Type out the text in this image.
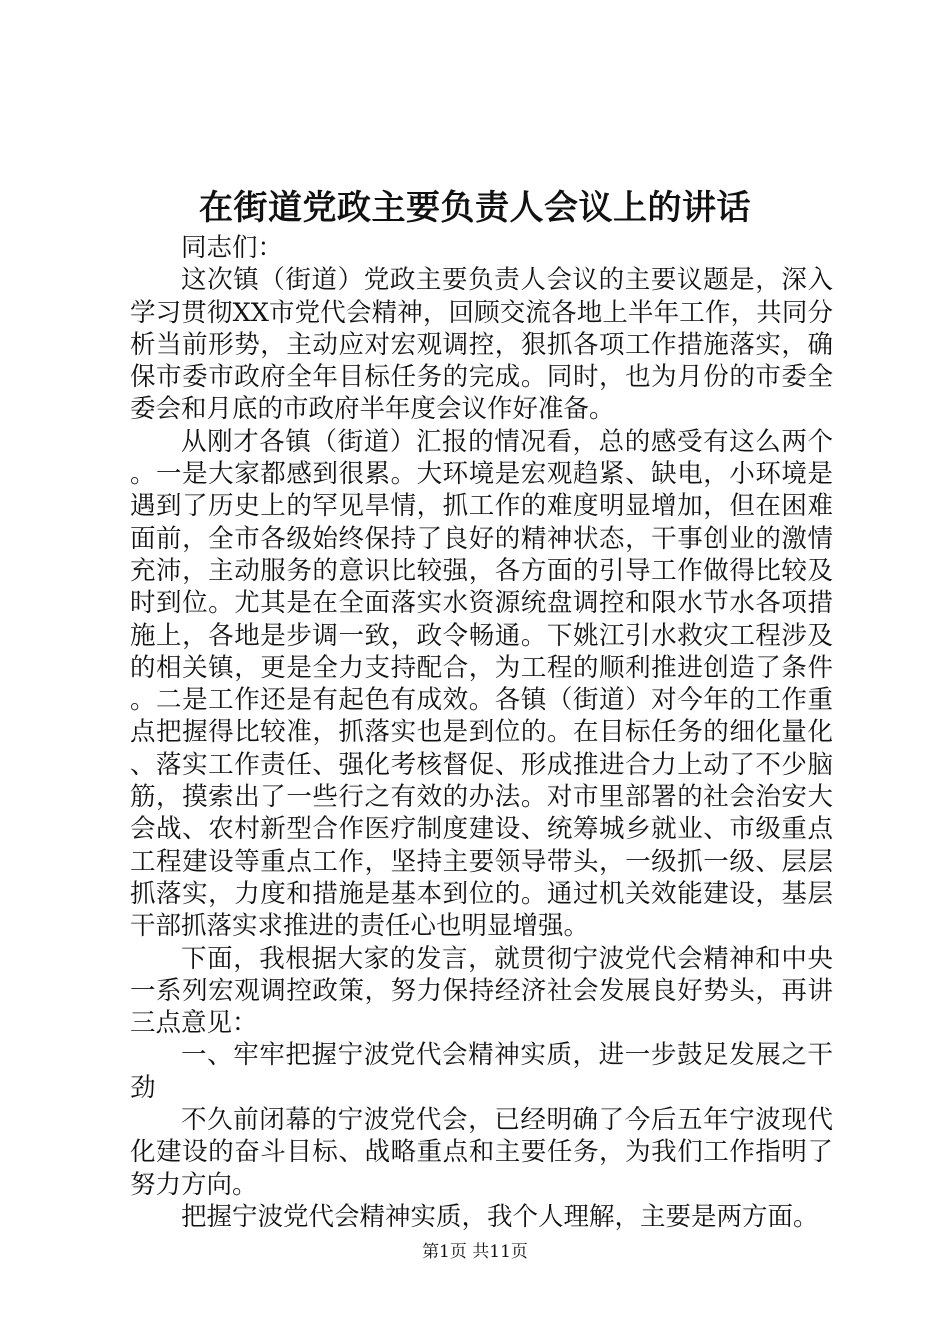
在街道党政主要负责人会议上的讲话

同志们：

这次镇（街道）党政主要负责人会议的主要议题是，深入学习贯彻XX市党代会精神，回顾交流各地上半年工作，共同分析当前形势，主动应对宏观调控，狠抓各项工作措施落实，确保市委市政府全年目标任务的完成。同时，也为月份的市委全委会和月底的市政府半年度会议作好准备。

从刚才各镇（街道）汇报的情况看，总的感受有这么两个。一是大家都感到很累。大环境是宏观趋紧、缺电，小环境是遇到了历史上的罕见旱情，抓工作的难度明显增加，但在困难面前，全市各级始终保持了良好的精神状态，干事创业的激情充沛，主动服务的意识比较强，各方面的引导工作做得比较及时到位。尤其是在全面落实水资源统盘调控和限水节水各项措施上，各地是步调一致，政令畅通。下姚江引水救灾工程涉及的相关镇，更是全力支持配合，为工程的顺利推进创造了条件。二是工作还是有起色有成效。各镇（街道）对今年的工作重点把握得比较准，抓落实也是到位的。在目标任务的细化量化、落实工作责任、强化考核督促、形成推进合力上动了不少脑筋，摸索出了一些行之有效的办法。对市里部署的社会治安大会战、农村新型合作医疗制度建设、统筹城乡就业、市级重点工程建设等重点工作，坚持主要领导带头，一级抓一级、层层抓落实，力度和措施是基本到位的。通过机关效能建设，基层干部抓落实求推进的责任心也明显增强。

下面，我根据大家的发言，就贯彻宁波党代会精神和中央一系列宏观调控政策，努力保持经济社会发展良好势头，再讲三点意见：

一、牢牢把握宁波党代会精神实质，进一步鼓足发展之干劲

不久前闭幕的宁波党代会，已经明确了今后五年宁波现代化建设的奋斗目标、战略重点和主要任务，为我们工作指明了努力方向。

把握宁波党代会精神实质，我个人理解，主要是两方面。

第1页 共11页
